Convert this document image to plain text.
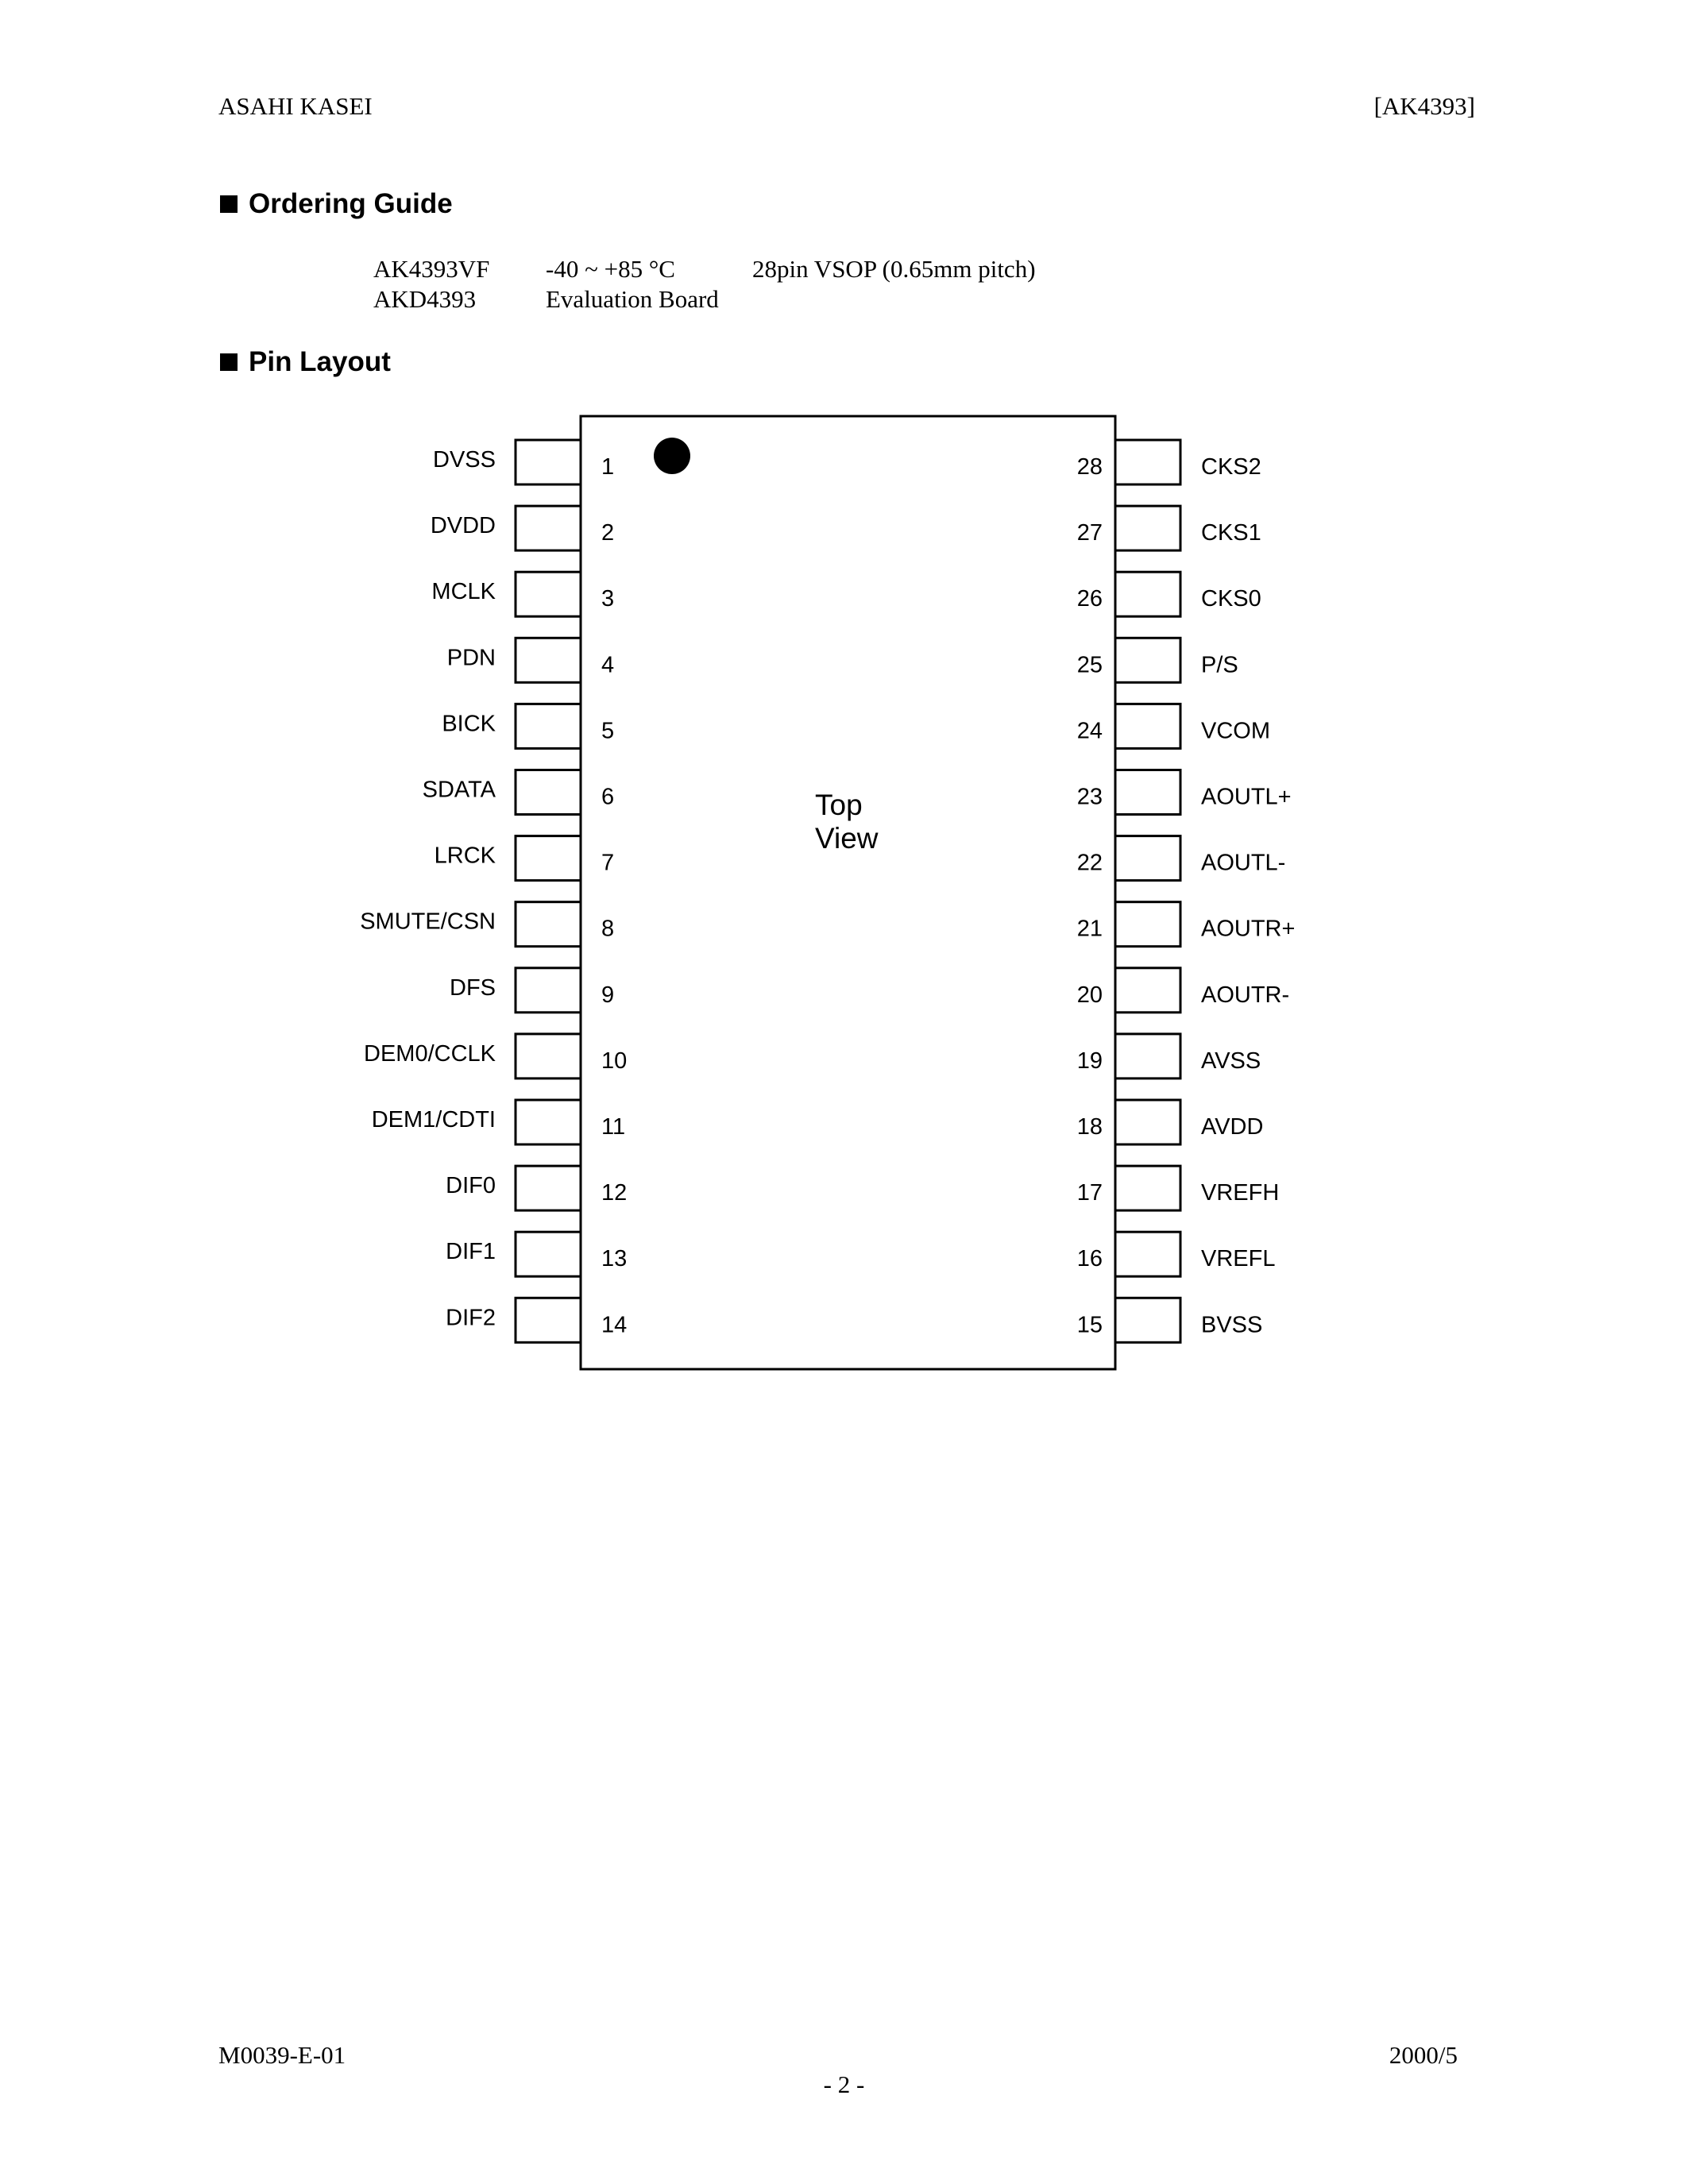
ASAHI KASEI	[AK4393]
Ordering Guide
AK4393VF	-40 ~ +85 °C	28pin VSOP (0.65mm pitch)
AKD4393	Evaluation Board
Pin Layout
Top
View
1
DVSS
2
DVDD
3
MCLK
4
PDN
5
BICK
6
SDATA
7
LRCK
8
SMUTE/CSN
9
DFS
10
DEM0/CCLK
11
DEM1/CDTI
12
DIF0
13
DIF1
14
DIF2
28	CKS2
27	CKS1
26	CKS0
25	P/S
24	VCOM
23	AOUTL+
22	AOUTL-
21	AOUTR+
20	AOUTR-
19	AVSS
18	AVDD
17	VREFH
16	VREFL
15	BVSS
M0039-E-01	2000/5
- 2 -
